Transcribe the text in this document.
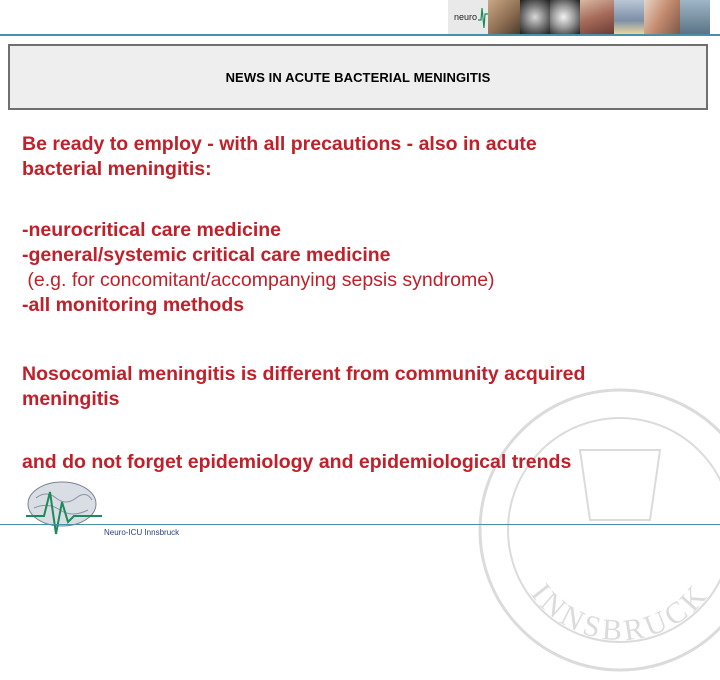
neuro
NEWS IN ACUTE BACTERIAL MENINGITIS
INNSBRUCK
Be ready to employ - with all precautions - also in acute
bacterial meningitis:
-neurocritical care medicine
-general/systemic critical care medicine
(e.g. for concomitant/accompanying sepsis syndrome)
-all monitoring methods
Nosocomial meningitis is different from community acquired
meningitis
and do not forget epidemiology and epidemiological trends
Neuro-ICU Innsbruck
